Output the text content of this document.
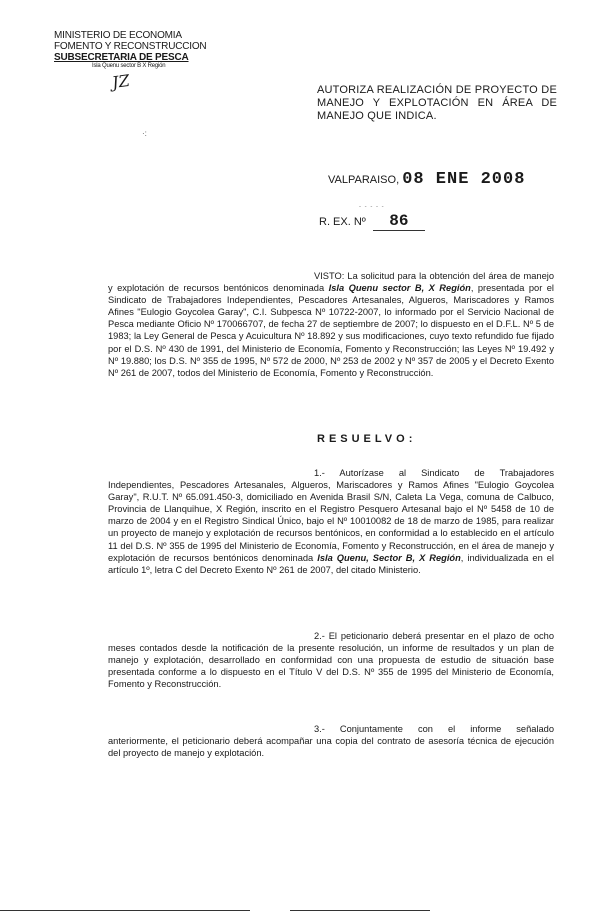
MINISTERIO DE ECONOMIA
FOMENTO Y RECONSTRUCCION
SUBSECRETARIA DE PESCA
Isla Quenu sector B X Región
JZ
·:
AUTORIZA REALIZACIÓN DE PROYECTO DE MANEJO Y EXPLOTACIÓN EN ÁREA DE MANEJO QUE INDICA.
VALPARAISO, 08 ENE 2008
- - - - -
R. EX. Nº 86
VISTO: La solicitud para la obtención del área de manejo y explotación de recursos bentónicos denominada Isla Quenu sector B, X Región, presentada por el Sindicato de Trabajadores Independientes, Pescadores Artesanales, Algueros, Mariscadores y Ramos Afines "Eulogio Goycolea Garay", C.I. Subpesca Nº 10722-2007, lo informado por el Servicio Nacional de Pesca mediante Oficio Nº 170066707, de fecha 27 de septiembre de 2007; lo dispuesto en el D.F.L. Nº 5 de 1983; la Ley General de Pesca y Acuicultura Nº 18.892 y sus modificaciones, cuyo texto refundido fue fijado por el D.S. Nº 430 de 1991, del Ministerio de Economía, Fomento y Reconstrucción; las Leyes Nº 19.492 y Nº 19.880; los D.S. Nº 355 de 1995, Nº 572 de 2000, Nº 253 de 2002 y Nº 357 de 2005 y el Decreto Exento Nº 261 de 2007, todos del Ministerio de Economía, Fomento y Reconstrucción.
RESUELVO:
1.- Autorízase al Sindicato de Trabajadores Independientes, Pescadores Artesanales, Algueros, Mariscadores y Ramos Afines "Eulogio Goycolea Garay", R.U.T. Nº 65.091.450-3, domiciliado en Avenida Brasil S/N, Caleta La Vega, comuna de Calbuco, Provincia de Llanquihue, X Región, inscrito en el Registro Pesquero Artesanal bajo el Nº 5458 de 10 de marzo de 2004 y en el Registro Sindical Único, bajo el Nº 10010082 de 18 de marzo de 1985, para realizar un proyecto de manejo y explotación de recursos bentónicos, en conformidad a lo establecido en el artículo 11 del D.S. Nº 355 de 1995 del Ministerio de Economía, Fomento y Reconstrucción, en el área de manejo y explotación de recursos bentónicos denominada Isla Quenu, Sector B, X Región, individualizada en el artículo 1º, letra C del Decreto Exento Nº 261 de 2007, del citado Ministerio.
2.- El peticionario deberá presentar en el plazo de ocho meses contados desde la notificación de la presente resolución, un informe de resultados y un plan de manejo y explotación, desarrollado en conformidad con una propuesta de estudio de situación base presentada conforme a lo dispuesto en el Título V del D.S. Nº 355 de 1995 del Ministerio de Economía, Fomento y Reconstrucción.
3.- Conjuntamente con el informe señalado anteriormente, el peticionario deberá acompañar una copia del contrato de asesoría técnica de ejecución del proyecto de manejo y explotación.
